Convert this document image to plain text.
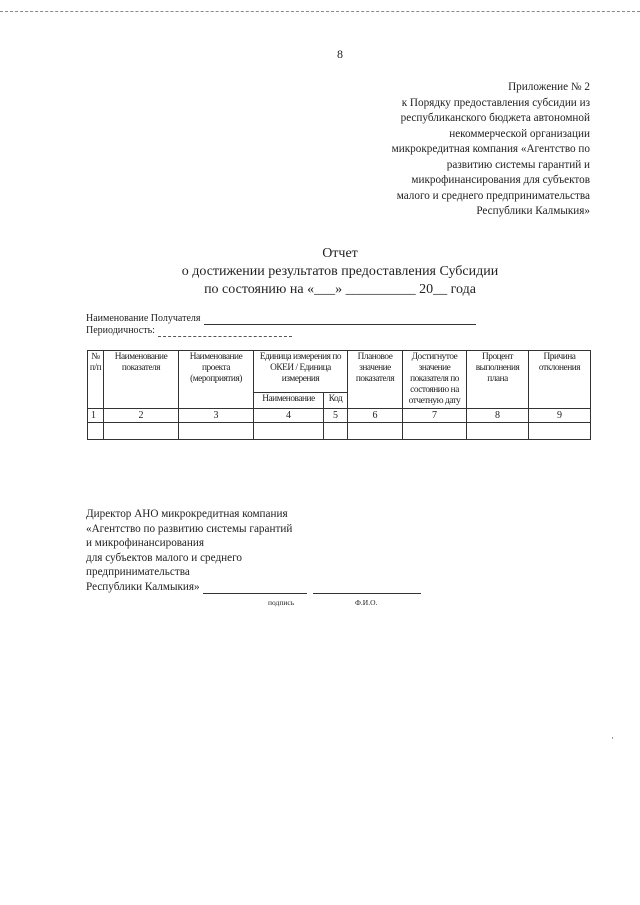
8
Приложение № 2
к Порядку предоставления субсидии из
республиканского бюджета автономной
некоммерческой организации
микрокредитная компания «Агентство по
развитию системы гарантий и
микрофинансирования для субъектов
малого и среднего предпринимательства
Республики Калмыкия»
Отчет
о достижении результатов предоставления Субсидии
по состоянию на «___» __________ 20__ года
Наименование Получателя
Периодичность:
№ п/п	Наименование показателя	Наименование проекта (мероприятия)	Единица измерения по ОКЕИ / Единица измерения		Плановое значение показателя	Достигнутое значение показателя по состоянию на отчетную дату	Процент выполнения плана	Причина отклонения
			Наименование	Код				
1	2	3	4	5	6	7	8	9

Директор АНО микрокредитная компания
«Агентство по развитию системы гарантий
и микрофинансирования
для субъектов малого и среднего
предпринимательства
Республики Калмыкия»
подпись	Ф.И.О.
